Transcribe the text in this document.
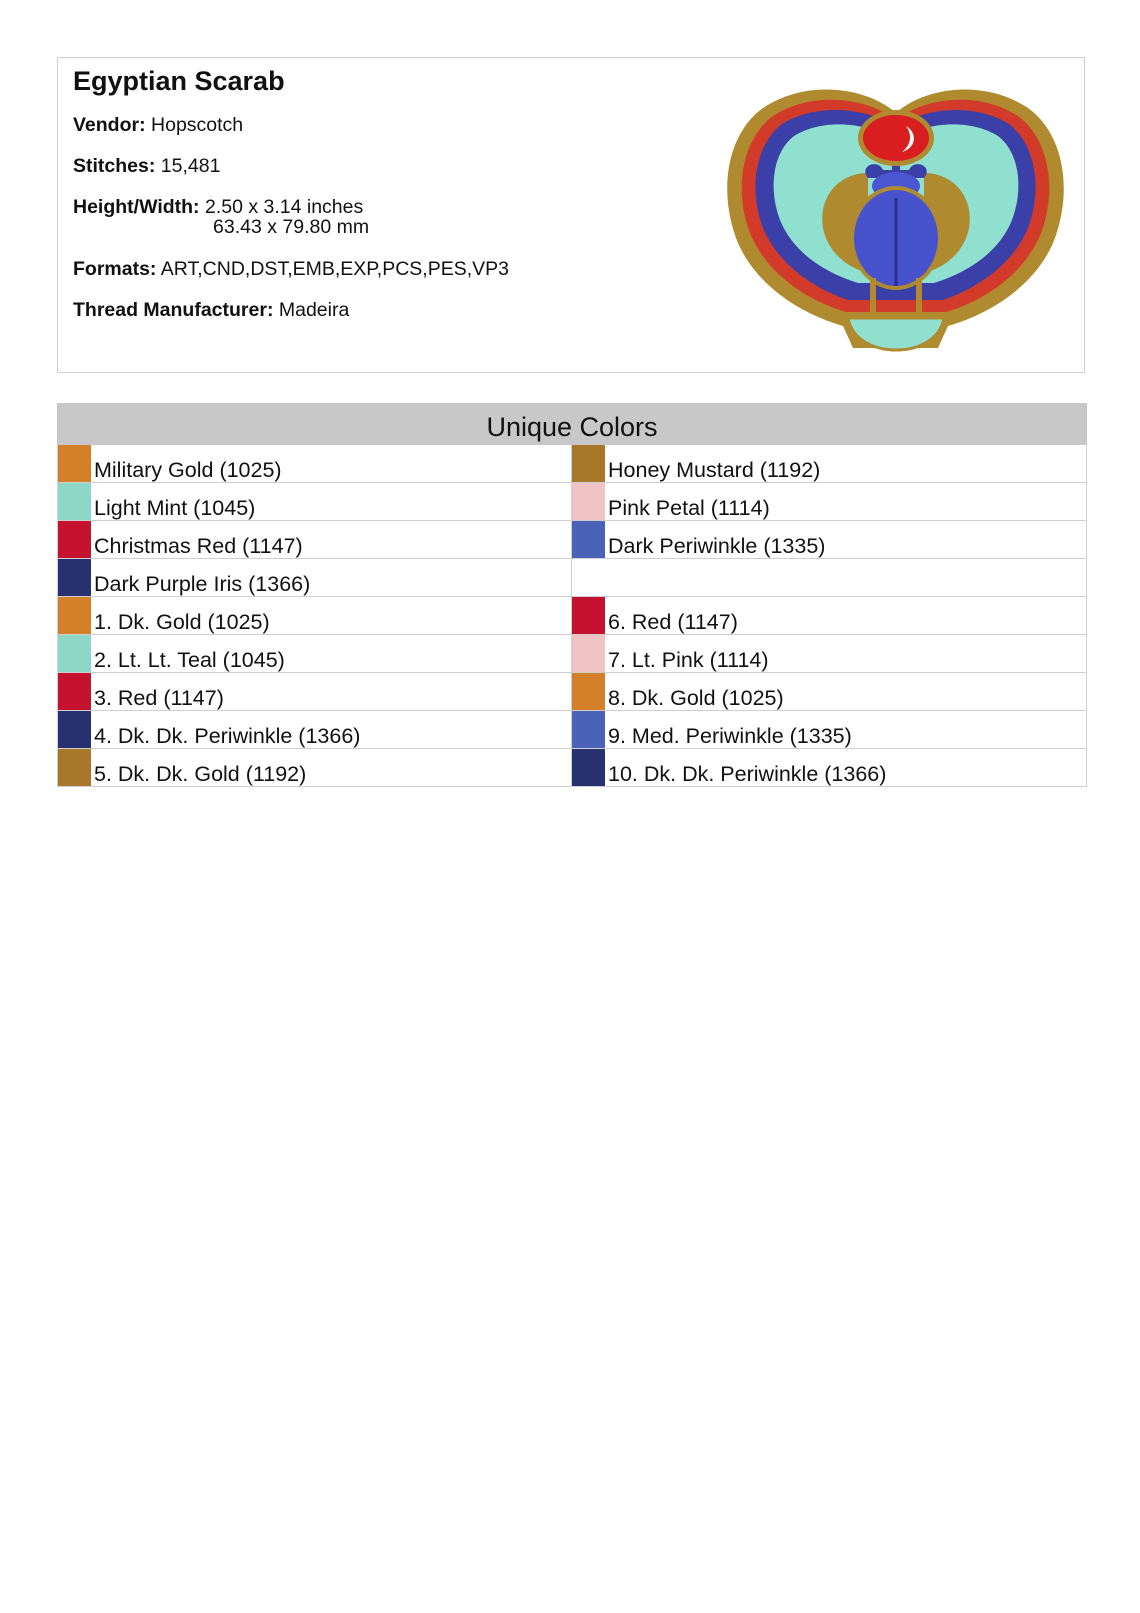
Egyptian Scarab
Vendor: Hopscotch
Stitches: 15,481
Height/Width: 2.50 x 3.14 inches
63.43 x 79.80 mm
Formats: ART,CND,DST,EMB,EXP,PCS,PES,VP3
Thread Manufacturer: Madeira
Unique Colors
Military Gold (1025)	Honey Mustard (1192)
Light Mint (1045)	Pink Petal (1114)
Christmas Red (1147)	Dark Periwinkle (1335)
Dark Purple Iris (1366)
1. Dk. Gold (1025)	6. Red (1147)
2. Lt. Lt. Teal (1045)	7. Lt. Pink (1114)
3. Red (1147)	8. Dk. Gold (1025)
4. Dk. Dk. Periwinkle (1366)	9. Med. Periwinkle (1335)
5. Dk. Dk. Gold (1192)	10. Dk. Dk. Periwinkle (1366)
